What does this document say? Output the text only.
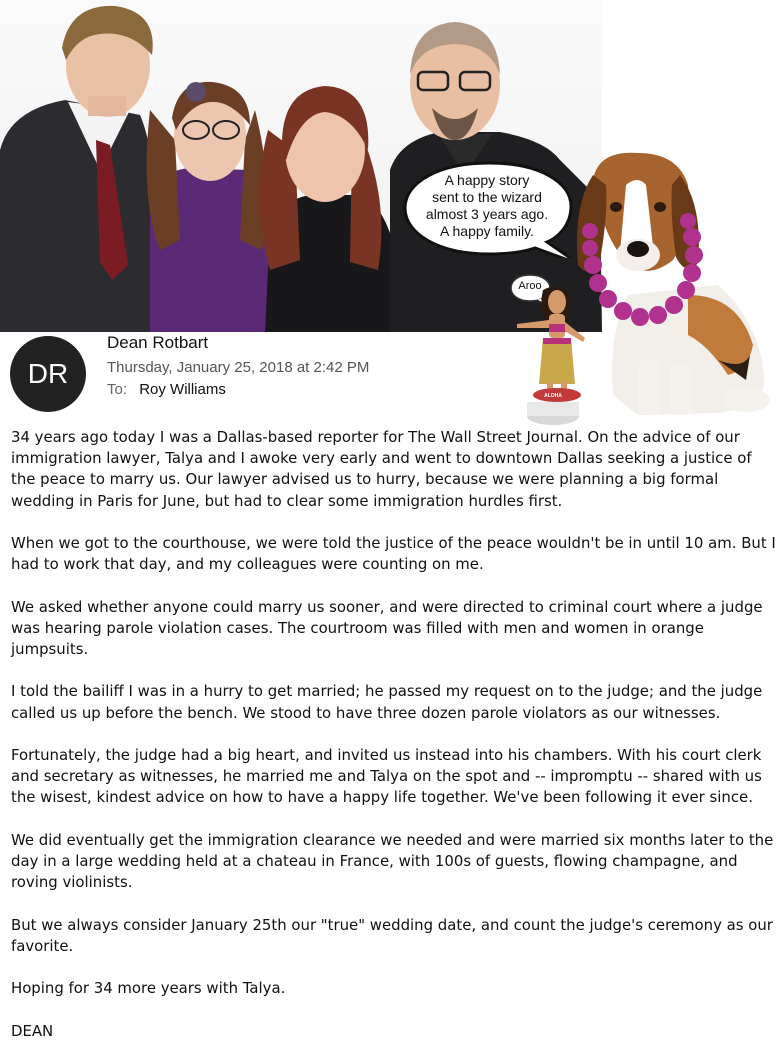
A happy story
sent to the wizard
almost 3 years ago.
A happy family.
Aroo
ALOHA
DR
Dean Rotbart
Thursday, January 25, 2018 at 2:42 PM
To: Roy Williams

34 years ago today I was a Dallas-based reporter for The Wall Street Journal. On the advice of our immigration lawyer, Talya and I awoke very early and went to downtown Dallas seeking a justice of the peace to marry us. Our lawyer advised us to hurry, because we were planning a big formal wedding in Paris for June, but had to clear some immigration hurdles first.

When we got to the courthouse, we were told the justice of the peace wouldn't be in until 10 am. But I had to work that day, and my colleagues were counting on me.

We asked whether anyone could marry us sooner, and were directed to criminal court where a judge was hearing parole violation cases. The courtroom was filled with men and women in orange jumpsuits.

I told the bailiff I was in a hurry to get married; he passed my request on to the judge; and the judge called us up before the bench. We stood to have three dozen parole violators as our witnesses.

Fortunately, the judge had a big heart, and invited us instead into his chambers. With his court clerk and secretary as witnesses, he married me and Talya on the spot and -- impromptu -- shared with us the wisest, kindest advice on how to have a happy life together. We've been following it ever since.

We did eventually get the immigration clearance we needed and were married six months later to the day in a large wedding held at a chateau in France, with 100s of guests, flowing champagne, and roving violinists.

But we always consider January 25th our "true" wedding date, and count the judge's ceremony as our favorite.

Hoping for 34 more years with Talya.

DEAN
